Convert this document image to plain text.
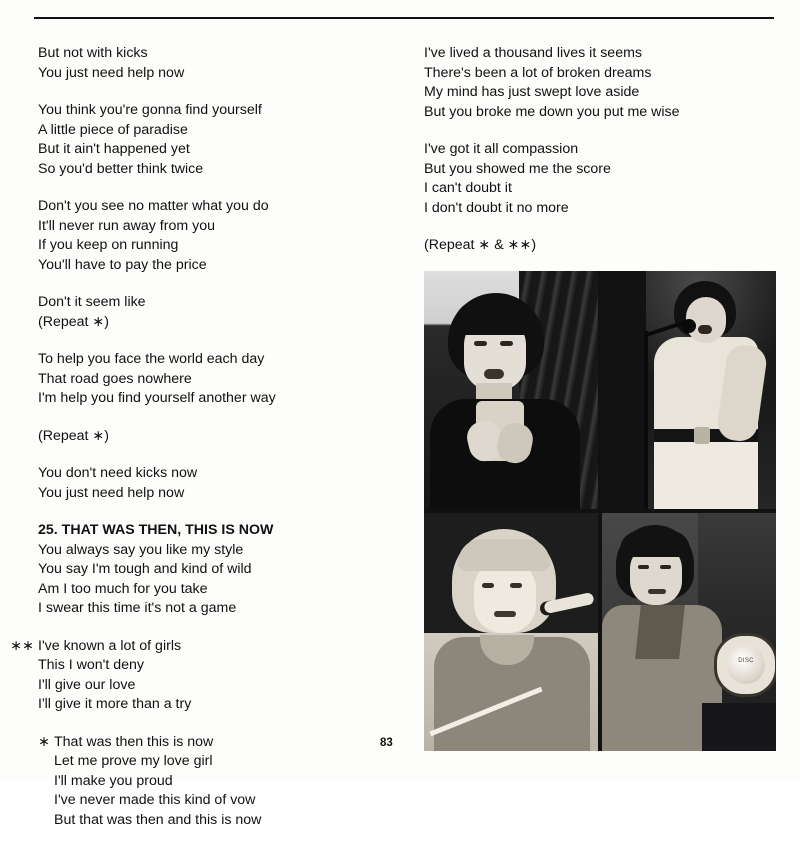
But not with kicks
You just need help now
You think you're gonna find yourself
A little piece of paradise
But it ain't happened yet
So you'd better think twice
Don't you see no matter what you do
It'll never run away from you
If you keep on running
You'll have to pay the price
Don't it seem like
(Repeat ∗)
To help you face the world each day
That road goes nowhere
I'm help you find yourself another way
(Repeat ∗)
You don't need kicks now
You just need help now
25. THAT WAS THEN, THIS IS NOW
You always say you like my style
You say I'm tough and kind of wild
Am I too much for you take
I swear this time it's not a game
∗∗ I've known a lot of girls
This I won't deny
I'll give our love
I'll give it more than a try
∗ That was then this is now
Let me prove my love girl
I'll make you proud
I've never made this kind of vow
But that was then and this is now
I've lived a thousand lives it seems
There's been a lot of broken dreams
My mind has just swept love aside
But you broke me down you put me wise
I've got it all compassion
But you showed me the score
I can't doubt it
I don't doubt it no more
(Repeat ∗ & ∗∗)
83
DISC
